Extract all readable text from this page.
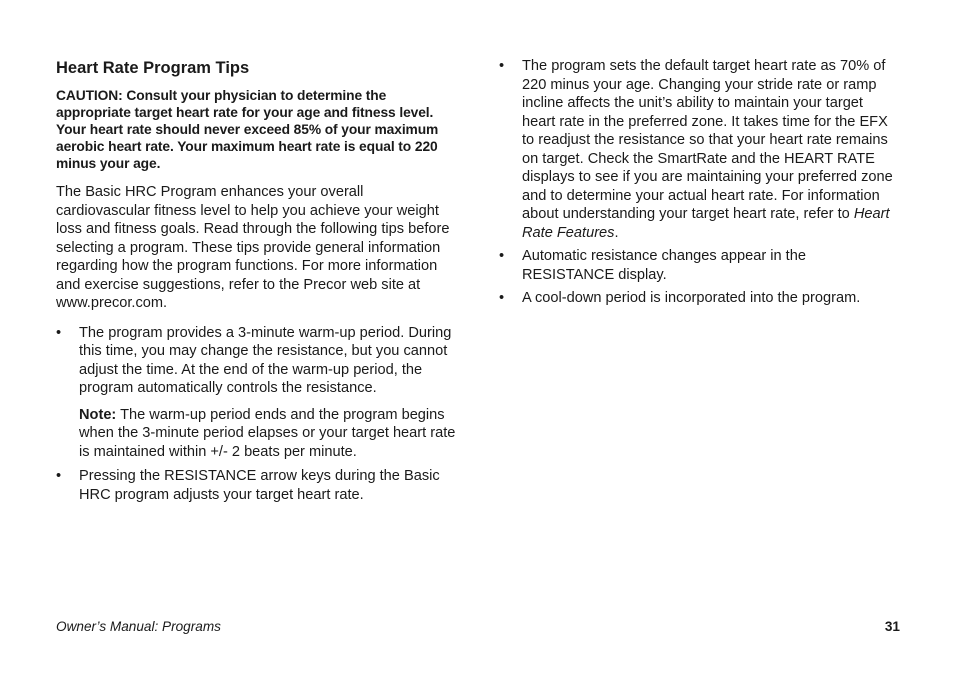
Heart Rate Program Tips

CAUTION: Consult your physician to determine the appropriate target heart rate for your age and fitness level. Your heart rate should never exceed 85% of your maximum aerobic heart rate. Your maximum heart rate is equal to 220 minus your age.

The Basic HRC Program enhances your overall cardiovascular fitness level to help you achieve your weight loss and fitness goals. Read through the following tips before selecting a program. These tips provide general information regarding how the program functions. For more information and exercise suggestions, refer to the Precor web site at www.precor.com.

• The program provides a 3-minute warm-up period. During this time, you may change the resistance, but you cannot adjust the time. At the end of the warm-up period, the program automatically controls the resistance.
Note: The warm-up period ends and the program begins when the 3-minute period elapses or your target heart rate is maintained within +/- 2 beats per minute.
• Pressing the RESISTANCE arrow keys during the Basic HRC program adjusts your target heart rate.
• The program sets the default target heart rate as 70% of 220 minus your age. Changing your stride rate or ramp incline affects the unit’s ability to maintain your target heart rate in the preferred zone. It takes time for the EFX to readjust the resistance so that your heart rate remains on target. Check the SmartRate and the HEART RATE displays to see if you are maintaining your preferred zone and to determine your actual heart rate. For information about understanding your target heart rate, refer to Heart Rate Features.
• Automatic resistance changes appear in the RESISTANCE display.
• A cool-down period is incorporated into the program.
Owner’s Manual: Programs	31
